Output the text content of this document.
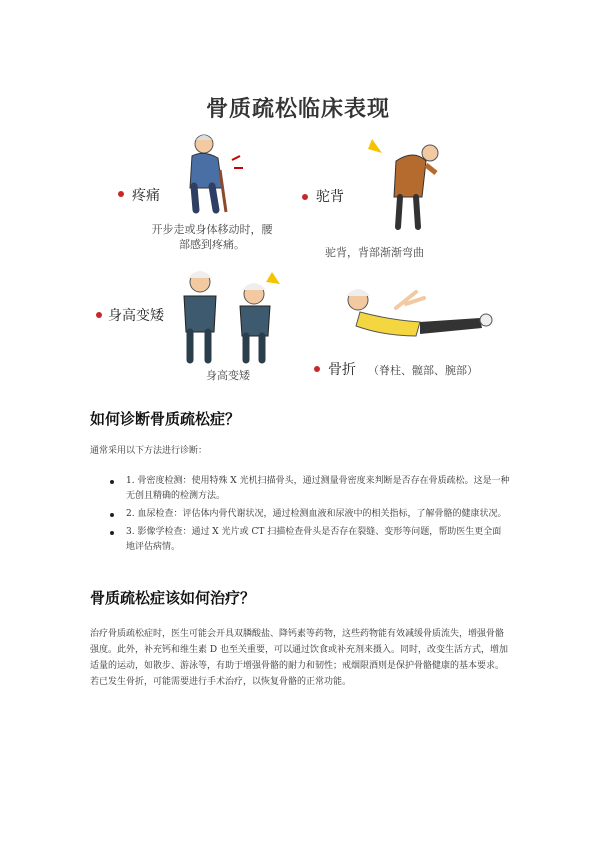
骨质疏松临床表现
疼痛
开步走或身体移动时，腰部感到疼痛。
驼背
驼背，背部渐渐弯曲
身高变矮
身高变矮	骨折 （脊柱、髋部、腕部）
如何诊断骨质疏松症？
通常采用以下方法进行诊断：
1. 骨密度检测：使用特殊 X 光机扫描骨头，通过测量骨密度来判断是否存在骨质疏松。这是一种无创且精确的检测方法。
2. 血尿检查：评估体内骨代谢状况，通过检测血液和尿液中的相关指标，了解骨骼的健康状况。
3. 影像学检查：通过 X 光片或 CT 扫描检查骨头是否存在裂缝、变形等问题，帮助医生更全面地评估病情。
骨质疏松症该如何治疗？
治疗骨质疏松症时，医生可能会开具双膦酸盐、降钙素等药物，这些药物能有效减缓骨质流失，增强骨骼强度。此外，补充钙和维生素 D 也至关重要，可以通过饮食或补充剂来摄入。同时，改变生活方式，增加适量的运动，如散步、游泳等，有助于增强骨骼的耐力和韧性；戒烟限酒则是保护骨骼健康的基本要求。若已发生骨折，可能需要进行手术治疗，以恢复骨骼的正常功能。
